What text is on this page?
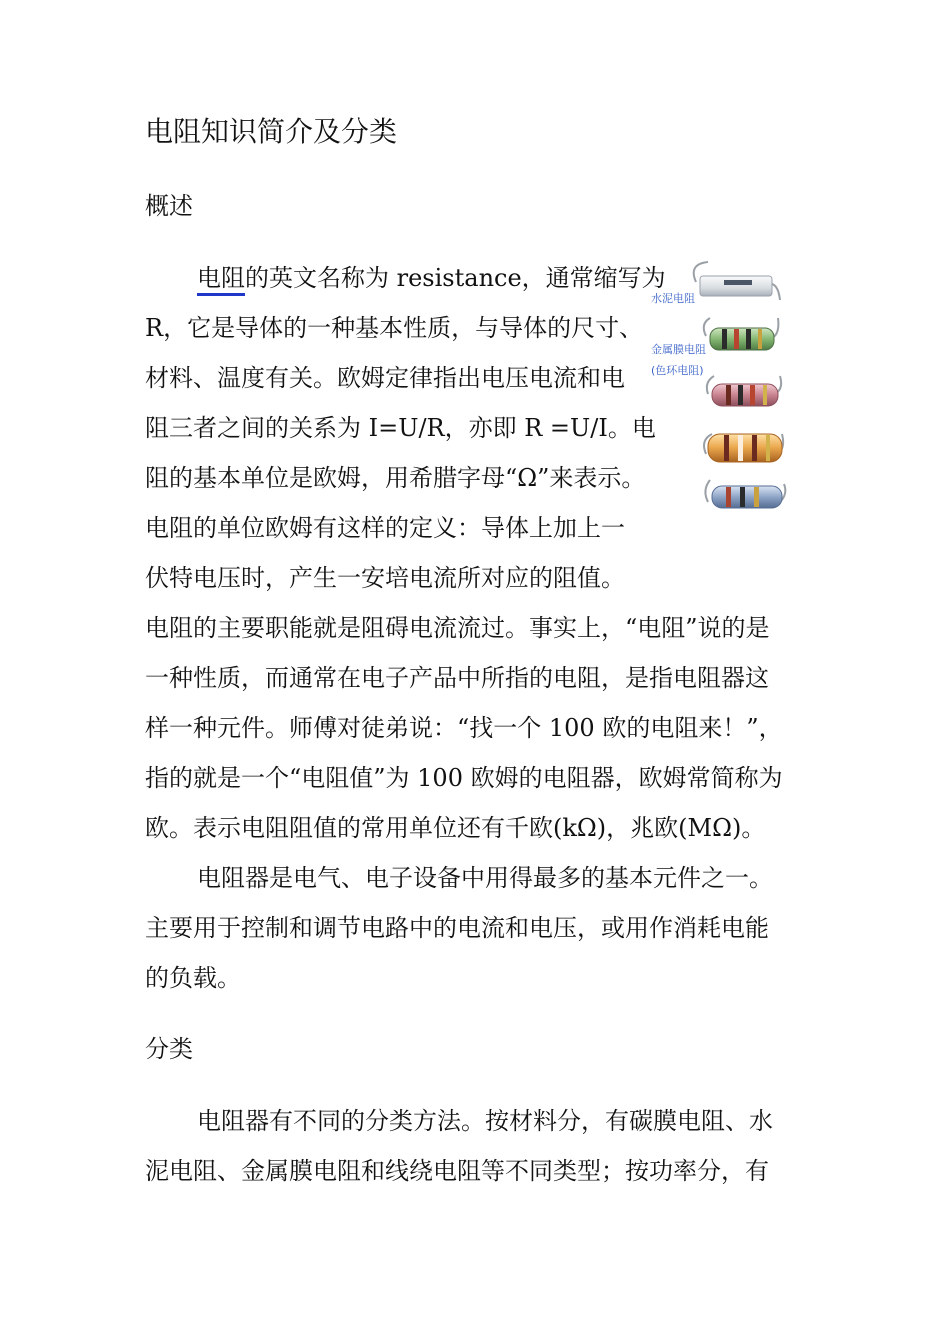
电阻知识简介及分类
概述
电阻的英文名称为 resistance，通常缩写为
R，它是导体的一种基本性质，与导体的尺寸、
材料、温度有关。欧姆定律指出电压电流和电
阻三者之间的关系为 I=U/R，亦即 R =U/I。电
阻的基本单位是欧姆，用希腊字母“Ω”来表示。
电阻的单位欧姆有这样的定义：导体上加上一
伏特电压时，产生一安培电流所对应的阻值。
电阻的主要职能就是阻碍电流流过。事实上，“电阻”说的是
一种性质，而通常在电子产品中所指的电阻，是指电阻器这
样一种元件。师傅对徒弟说：“找一个 100 欧的电阻来！”，
指的就是一个“电阻值”为 100 欧姆的电阻器，欧姆常简称为
欧。表示电阻阻值的常用单位还有千欧(kΩ)，兆欧(MΩ)。
电阻器是电气、电子设备中用得最多的基本元件之一。
主要用于控制和调节电路中的电流和电压，或用作消耗电能
的负载。
分类
电阻器有不同的分类方法。按材料分，有碳膜电阻、水
泥电阻、金属膜电阻和线绕电阻等不同类型；按功率分，有
水泥电阻
金属膜电阻
(色环电阻)
